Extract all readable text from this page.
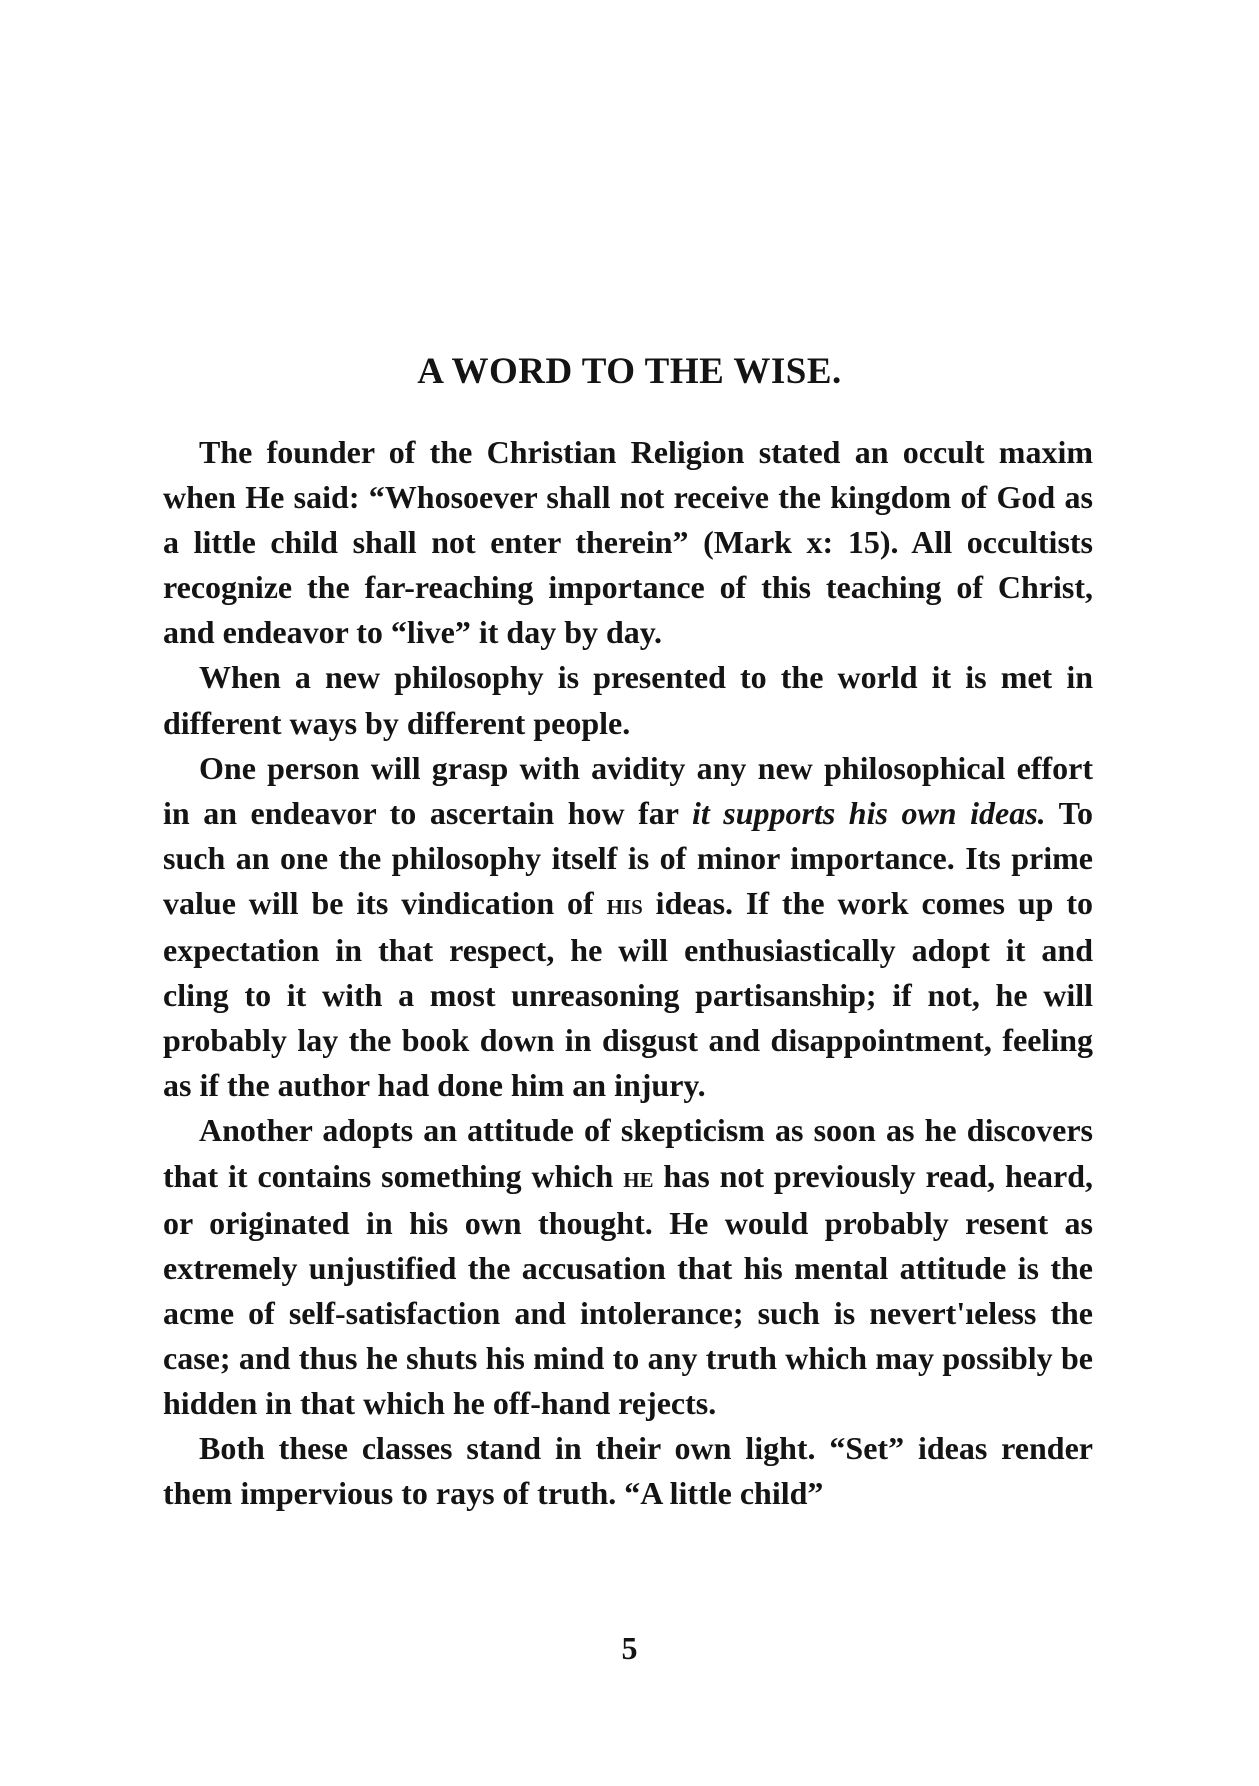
A WORD TO THE WISE.

The founder of the Christian Religion stated an occult maxim when He said: “Whosoever shall not receive the kingdom of God as a little child shall not enter therein” (Mark x: 15). All occultists recognize the far-reaching importance of this teaching of Christ, and endeavor to “live” it day by day.

When a new philosophy is presented to the world it is met in different ways by different people.

One person will grasp with avidity any new philosophical effort in an endeavor to ascertain how far it supports his own ideas. To such an one the philosophy itself is of minor importance. Its prime value will be its vindication of his ideas. If the work comes up to expectation in that respect, he will enthusiastically adopt it and cling to it with a most unreasoning partisanship; if not, he will probably lay the book down in disgust and disappointment, feeling as if the author had done him an injury.

Another adopts an attitude of skepticism as soon as he discovers that it contains something which he has not previously read, heard, or originated in his own thought. He would probably resent as extremely unjustified the accusation that his mental attitude is the acme of self-satisfaction and intolerance; such is nevert'ıeless the case; and thus he shuts his mind to any truth which may possibly be hidden in that which he off-hand rejects.

Both these classes stand in their own light. “Set” ideas render them impervious to rays of truth. “A little child”

5
